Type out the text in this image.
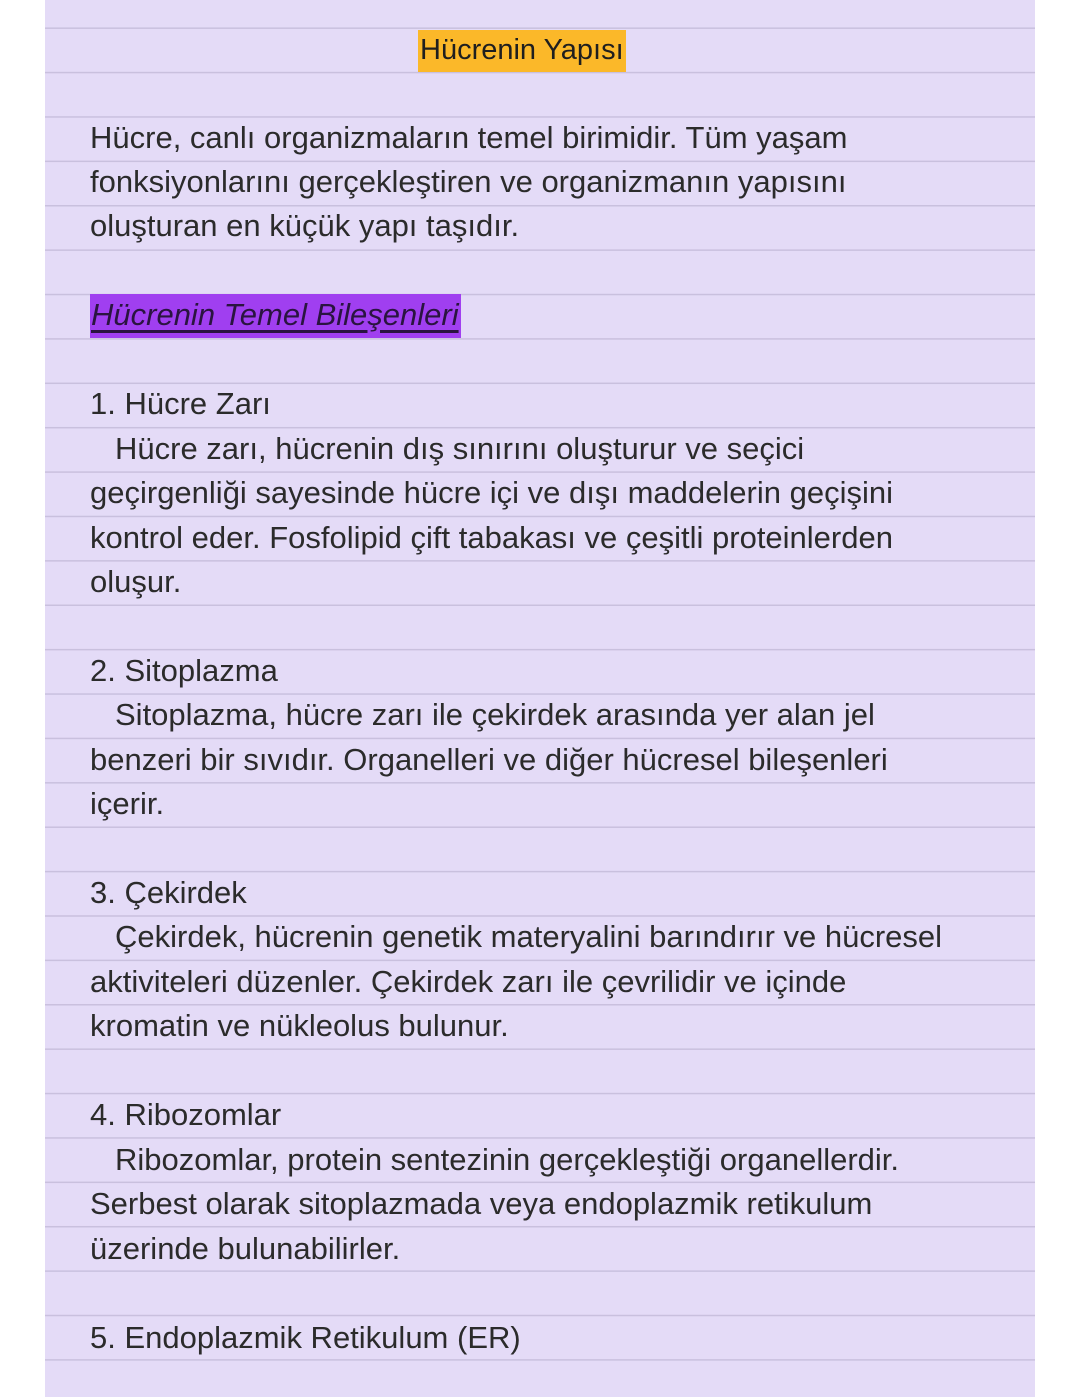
Hücrenin Yapısı
Hücre, canlı organizmaların temel birimidir. Tüm yaşam
fonksiyonlarını gerçekleştiren ve organizmanın yapısını
oluşturan en küçük yapı taşıdır.
Hücrenin Temel Bileşenleri
1. Hücre Zarı
Hücre zarı, hücrenin dış sınırını oluşturur ve seçici
geçirgenliği sayesinde hücre içi ve dışı maddelerin geçişini
kontrol eder. Fosfolipid çift tabakası ve çeşitli proteinlerden
oluşur.
2. Sitoplazma
Sitoplazma, hücre zarı ile çekirdek arasında yer alan jel
benzeri bir sıvıdır. Organelleri ve diğer hücresel bileşenleri
içerir.
3. Çekirdek
Çekirdek, hücrenin genetik materyalini barındırır ve hücresel
aktiviteleri düzenler. Çekirdek zarı ile çevrilidir ve içinde
kromatin ve nükleolus bulunur.
4. Ribozomlar
Ribozomlar, protein sentezinin gerçekleştiği organellerdir.
Serbest olarak sitoplazmada veya endoplazmik retikulum
üzerinde bulunabilirler.
5. Endoplazmik Retikulum (ER)
